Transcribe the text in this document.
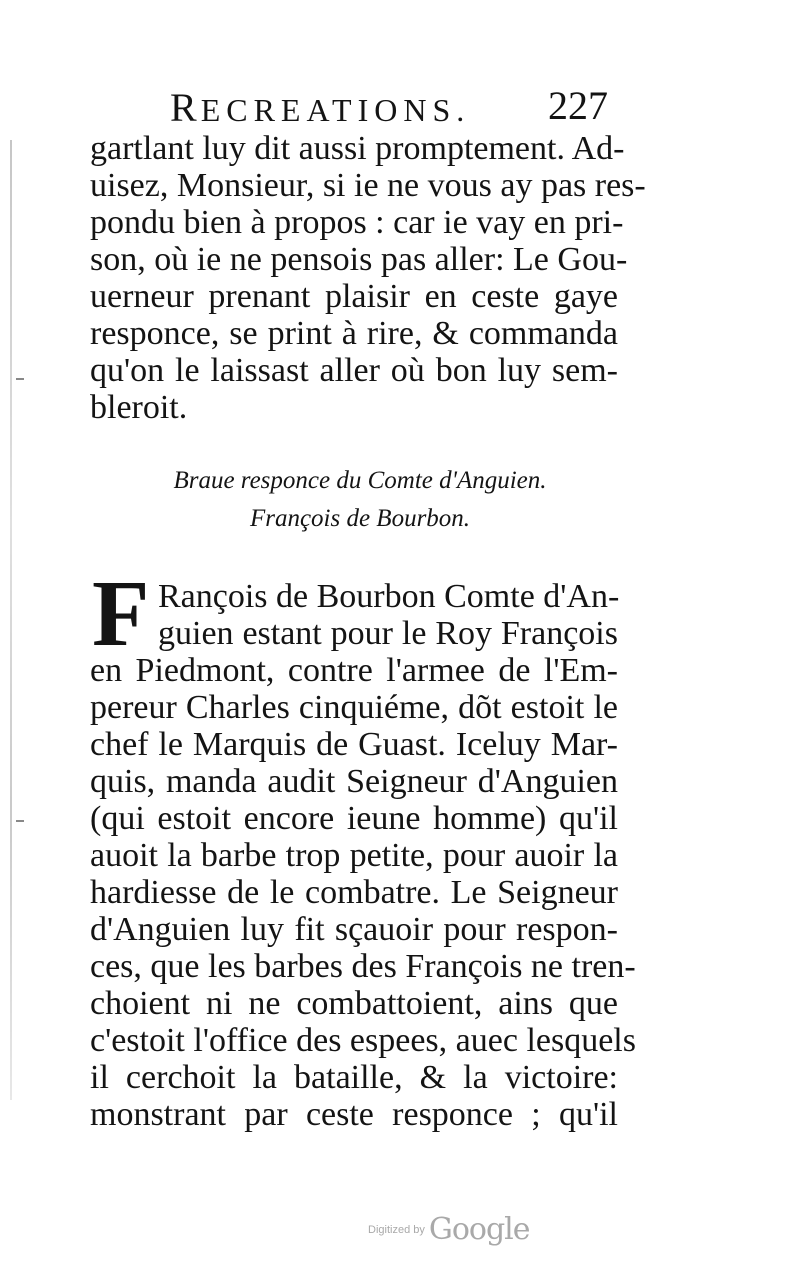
RECREATIONS. 227
gartlant luy dit aussi promptement. Ad-
uisez, Monsieur, si ie ne vous ay pas res-
pondu bien à propos : car ie vay en pri-
son, où ie ne pensois pas aller: Le Gou-
uerneur prenant plaisir en ceste gaye
responce, se print à rire, & commanda
qu'on le laissast aller où bon luy sem-
bleroit.
Braue responce du Comte d'Anguien.
François de Bourbon.
F Rançois de Bourbon Comte d'An-
guien estant pour le Roy François
en Piedmont, contre l'armee de l'Em-
pereur Charles cinquiéme, dõt estoit le
chef le Marquis de Guast. Iceluy Mar-
quis, manda audit Seigneur d'Anguien
(qui estoit encore ieune homme) qu'il
auoit la barbe trop petite, pour auoir la
hardiesse de le combatre. Le Seigneur
d'Anguien luy fit sçauoir pour respon-
ces, que les barbes des François ne tren-
choient ni ne combattoient, ains que
c'estoit l'office des espees, auec lesquels
il cerchoit la bataille, & la victoire:
monstrant par ceste responce ; qu'il
Digitized by Google
